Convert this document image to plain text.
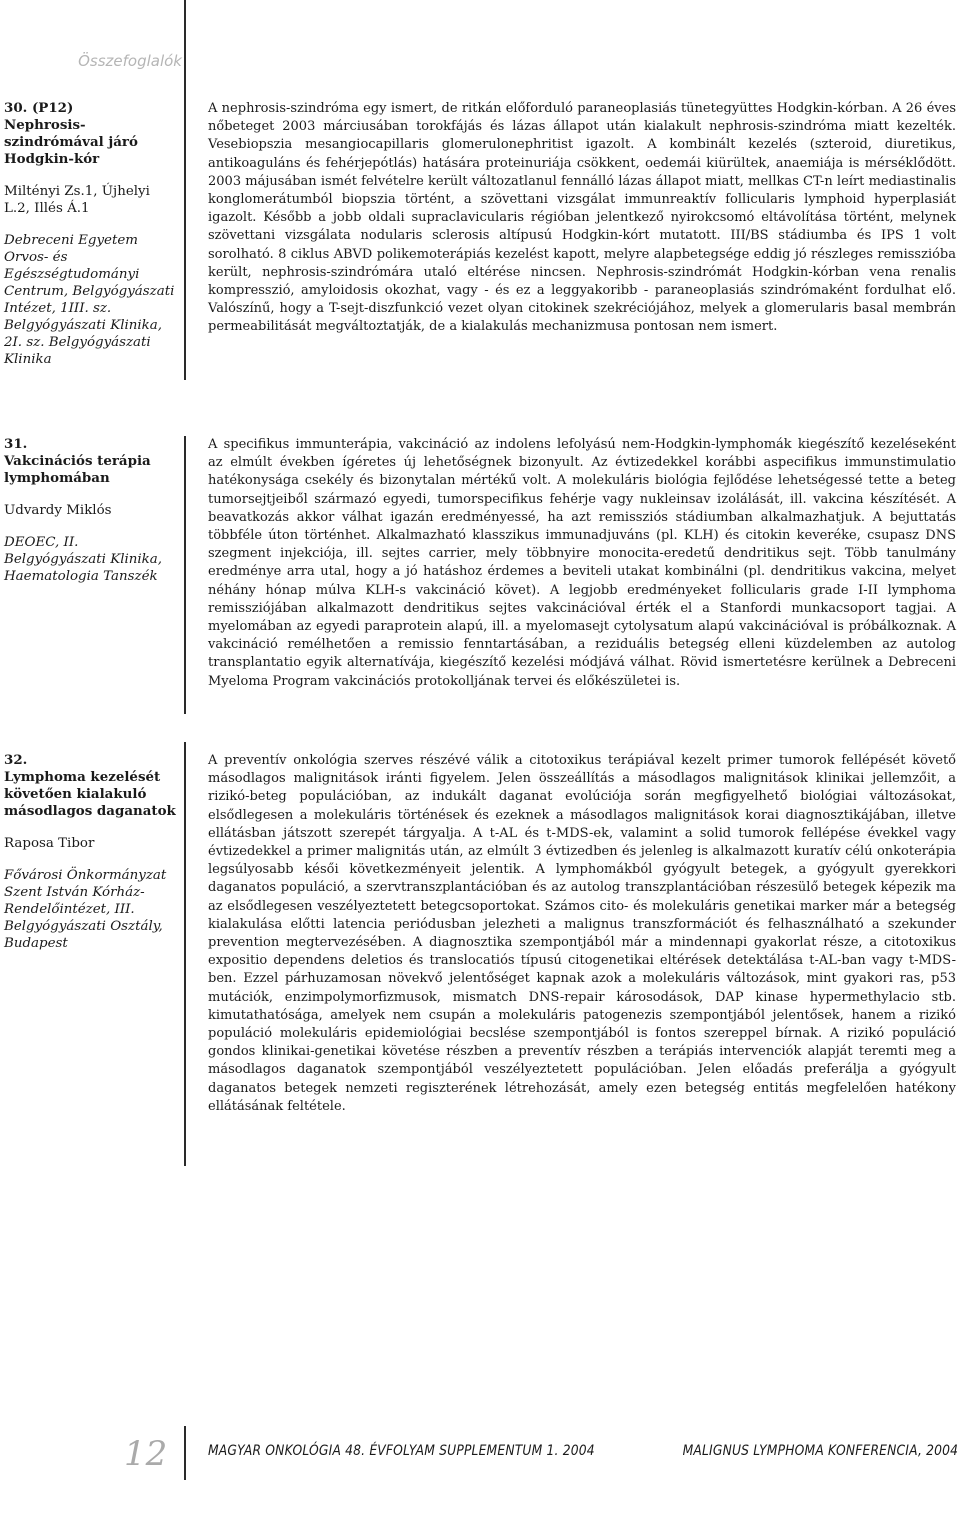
Összefoglalók
30. (P12)
Nephrosis-szindrómával járó Hodgkin-kór
Miltényi Zs.1, Újhelyi L.2, Illés Á.1
Debreceni Egyetem Orvos- és Egészségtudományi Centrum, Belgyógyászati Intézet, 1III. sz. Belgyógyászati Klinika, 2I. sz. Belgyógyászati Klinika

A nephrosis-szindróma egy ismert, de ritkán előforduló paraneoplasiás tünetegyüttes Hodgkin-kórban. A 26 éves nőbeteget 2003 márciusában torokfájás és lázas állapot után kialakult nephrosis-szindróma miatt kezelték. Vesebiopszia mesangiocapillaris glomerulonephritist igazolt. A kombinált kezelés (szteroid, diuretikus, antikoaguláns és fehérjepótlás) hatására proteinuriája csökkent, oedemái kiürültek, anaemiája is mérséklődött. 2003 májusában ismét felvételre került változatlanul fennálló lázas állapot miatt, mellkas CT-n leírt mediastinalis konglomerátumból biopszia történt, a szövettani vizsgálat immunreaktív follicularis lymphoid hyperplasiát igazolt. Később a jobb oldali supraclavicularis régióban jelentkező nyirokcsomó eltávolítása történt, melynek szövettani vizsgálata nodularis sclerosis altípusú Hodgkin-kórt mutatott. III/BS stádiumba és IPS 1 volt sorolható. 8 ciklus ABVD polikemoterápiás kezelést kapott, melyre alapbetegsége eddig jó részleges remisszióba került, nephrosis-szindrómára utaló eltérése nincsen. Nephrosis-szindrómát Hodgkin-kórban vena renalis kompresszió, amyloidosis okozhat, vagy - és ez a leggyakoribb - paraneoplasiás szindrómaként fordulhat elő. Valószínű, hogy a T-sejt-diszfunkció vezet olyan citokinek szekréciójához, melyek a glomerularis basal membrán permeabilitását megváltoztatják, de a kialakulás mechanizmusa pontosan nem ismert.

31.
Vakcinációs terápia lymphomában
Udvardy Miklós
DEOEC, II. Belgyógyászati Klinika, Haematologia Tanszék

A specifikus immunterápia, vakcináció az indolens lefolyású nem-Hodgkin-lymphomák kiegészítő kezeléseként az elmúlt években ígéretes új lehetőségnek bizonyult. Az évtizedekkel korábbi aspecifikus immunstimulatio hatékonysága csekély és bizonytalan mértékű volt. A molekuláris biológia fejlődése lehetségessé tette a beteg tumorsejtjeiből származó egyedi, tumorspecifikus fehérje vagy nukleinsav izolálását, ill. vakcina készítését. A beavatkozás akkor válhat igazán eredményessé, ha azt remissziós stádiumban alkalmazhatjuk. A bejuttatás többféle úton történhet. Alkalmazható klasszikus immunadjuváns (pl. KLH) és citokin keveréke, csupasz DNS szegment injekciója, ill. sejtes carrier, mely többnyire monocita-eredetű dendritikus sejt. Több tanulmány eredménye arra utal, hogy a jó hatáshoz érdemes a beviteli utakat kombinálni (pl. dendritikus vakcina, melyet néhány hónap múlva KLH-s vakcináció követ). A legjobb eredményeket follicularis grade I-II lymphoma remissziójában alkalmazott dendritikus sejtes vakcinációval érték el a Stanfordi munkacsoport tagjai. A myelomában az egyedi paraprotein alapú, ill. a myelomasejt cytolysatum alapú vakcinációval is próbálkoznak. A vakcináció remélhetően a remissio fenntartásában, a reziduális betegség elleni küzdelemben az autolog transplantatio egyik alternatívája, kiegészítő kezelési módjává válhat. Rövid ismertetésre kerülnek a Debreceni Myeloma Program vakcinációs protokolljának tervei és előkészületei is.

32.
Lymphoma kezelését követően kialakuló másodlagos daganatok
Raposa Tibor
Fővárosi Önkormányzat Szent István Kórház-Rendelőintézet, III. Belgyógyászati Osztály, Budapest

A preventív onkológia szerves részévé válik a citotoxikus terápiával kezelt primer tumorok fellépését követő másodlagos malignitások iránti figyelem. Jelen összeállítás a másodlagos malignitások klinikai jellemzőit, a rizikó-beteg populációban, az indukált daganat evolúciója során megfigyelhető biológiai változásokat, elsődlegesen a molekuláris történések és ezeknek a másodlagos malignitások korai diagnosztikájában, illetve ellátásban játszott szerepét tárgyalja. A t-AL és t-MDS-ek, valamint a solid tumorok fellépése évekkel vagy évtizedekkel a primer malignitás után, az elmúlt 3 évtizedben és jelenleg is alkalmazott kuratív célú onkoterápia legsúlyosabb késői következményeit jelentik. A lymphomákból gyógyult betegek, a gyógyult gyerekkori daganatos populáció, a szervtranszplantációban és az autolog transzplantációban részesülő betegek képezik ma az elsődlegesen veszélyeztetett betegcsoportokat. Számos cito- és molekuláris genetikai marker már a betegség kialakulása előtti latencia periódusban jelezheti a malignus transzformációt és felhasználható a szekunder prevention megtervezésében. A diagnosztika szempontjából már a mindennapi gyakorlat része, a citotoxikus expositio dependens deletios és translocatiós típusú citogenetikai eltérések detektálása t-AL-ban vagy t-MDS-ben. Ezzel párhuzamosan növekvő jelentőséget kapnak azok a molekuláris változások, mint gyakori ras, p53 mutációk, enzimpolymorfizmusok, mismatch DNS-repair károsodások, DAP kinase hypermethylacio stb. kimutathatósága, amelyek nem csupán a molekuláris patogenezis szempontjából jelentősek, hanem a rizikó populáció molekuláris epidemiológiai becslése szempontjából is fontos szereppel bírnak. A rizikó populáció gondos klinikai-genetikai követése részben a preventív részben a terápiás intervenciók alapját teremti meg a másodlagos daganatok szempontjából veszélyeztetett populációban. Jelen előadás preferálja a gyógyult daganatos betegek nemzeti regiszterének létrehozását, amely ezen betegség entitás megfelelően hatékony ellátásának feltétele.

12	MAGYAR ONKOLÓGIA 48. ÉVFOLYAM SUPPLEMENTUM 1. 2004	MALIGNUS LYMPHOMA KONFERENCIA, 2004
